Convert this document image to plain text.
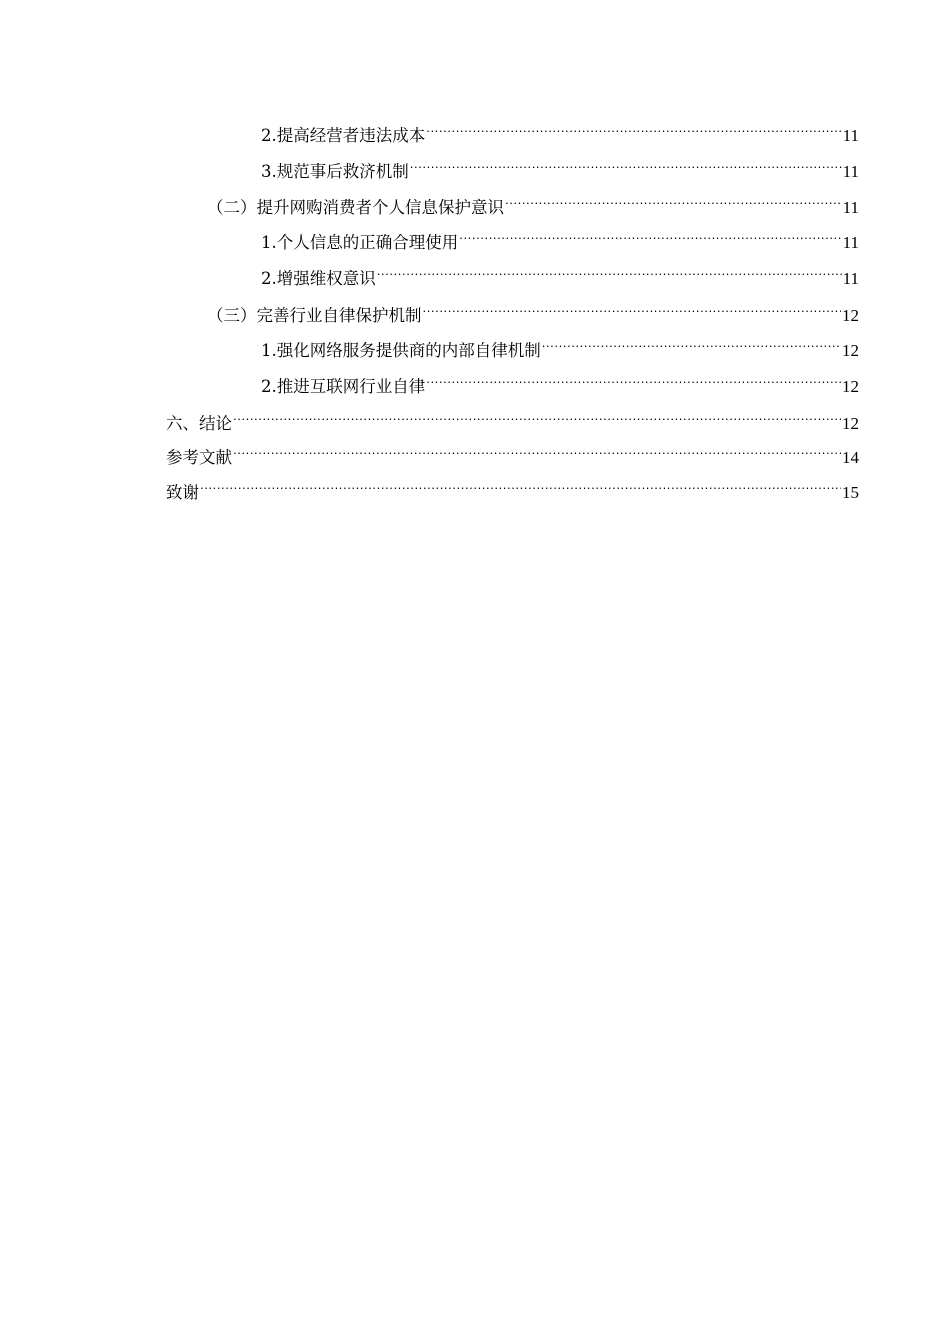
2.提高经营者违法成本 .....	11
3.规范事后救济机制 .....	11
（二）提升网购消费者个人信息保护意识 .....	11
1.个人信息的正确合理使用 .....	11
2.增强维权意识 .....	11
（三）完善行业自律保护机制 .....	12
1.强化网络服务提供商的内部自律机制 .....	12
2.推进互联网行业自律 .....	12
六、结论 .....	12
参考文献 .....	14
致谢 .....	15
